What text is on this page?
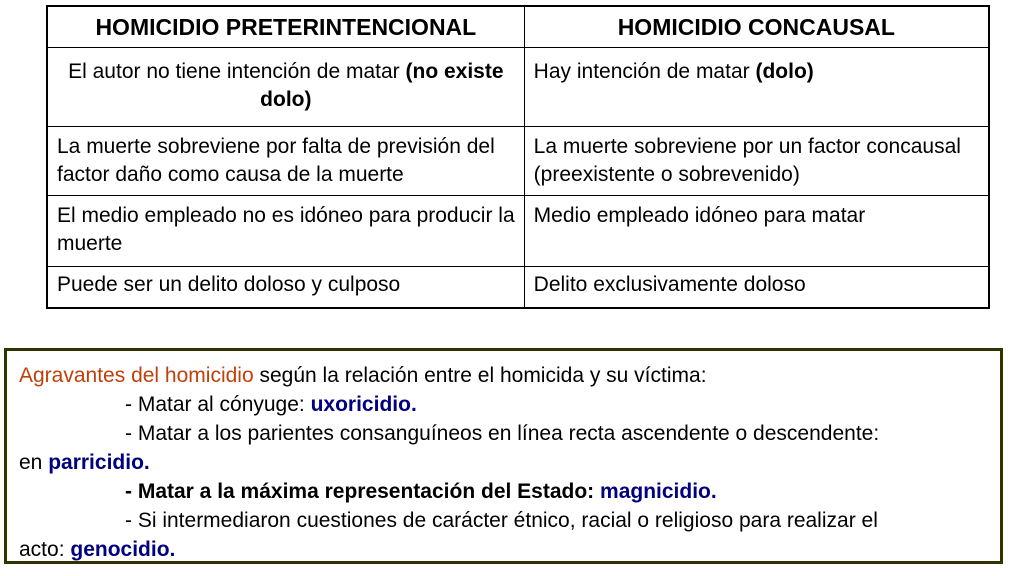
HOMICIDIO PRETERINTENCIONAL	HOMICIDIO CONCAUSAL
El autor no tiene intención de matar (no existe dolo)	Hay intención de matar (dolo)
La muerte sobreviene por falta de previsión del factor daño como causa de la muerte	La muerte sobreviene por un factor concausal (preexistente o sobrevenido)
El medio empleado no es idóneo para producir la muerte	Medio empleado idóneo para matar
Puede ser un delito doloso y culposo	Delito exclusivamente doloso
Agravantes del homicidio según la relación entre el homicida y su víctima:
- Matar al cónyuge: uxoricidio.
- Matar a los parientes consanguíneos en línea recta ascendente o descendente:
en parricidio.
- Matar a la máxima representación del Estado: magnicidio.
- Si intermediaron cuestiones de carácter étnico, racial o religioso para realizar el
acto: genocidio.
